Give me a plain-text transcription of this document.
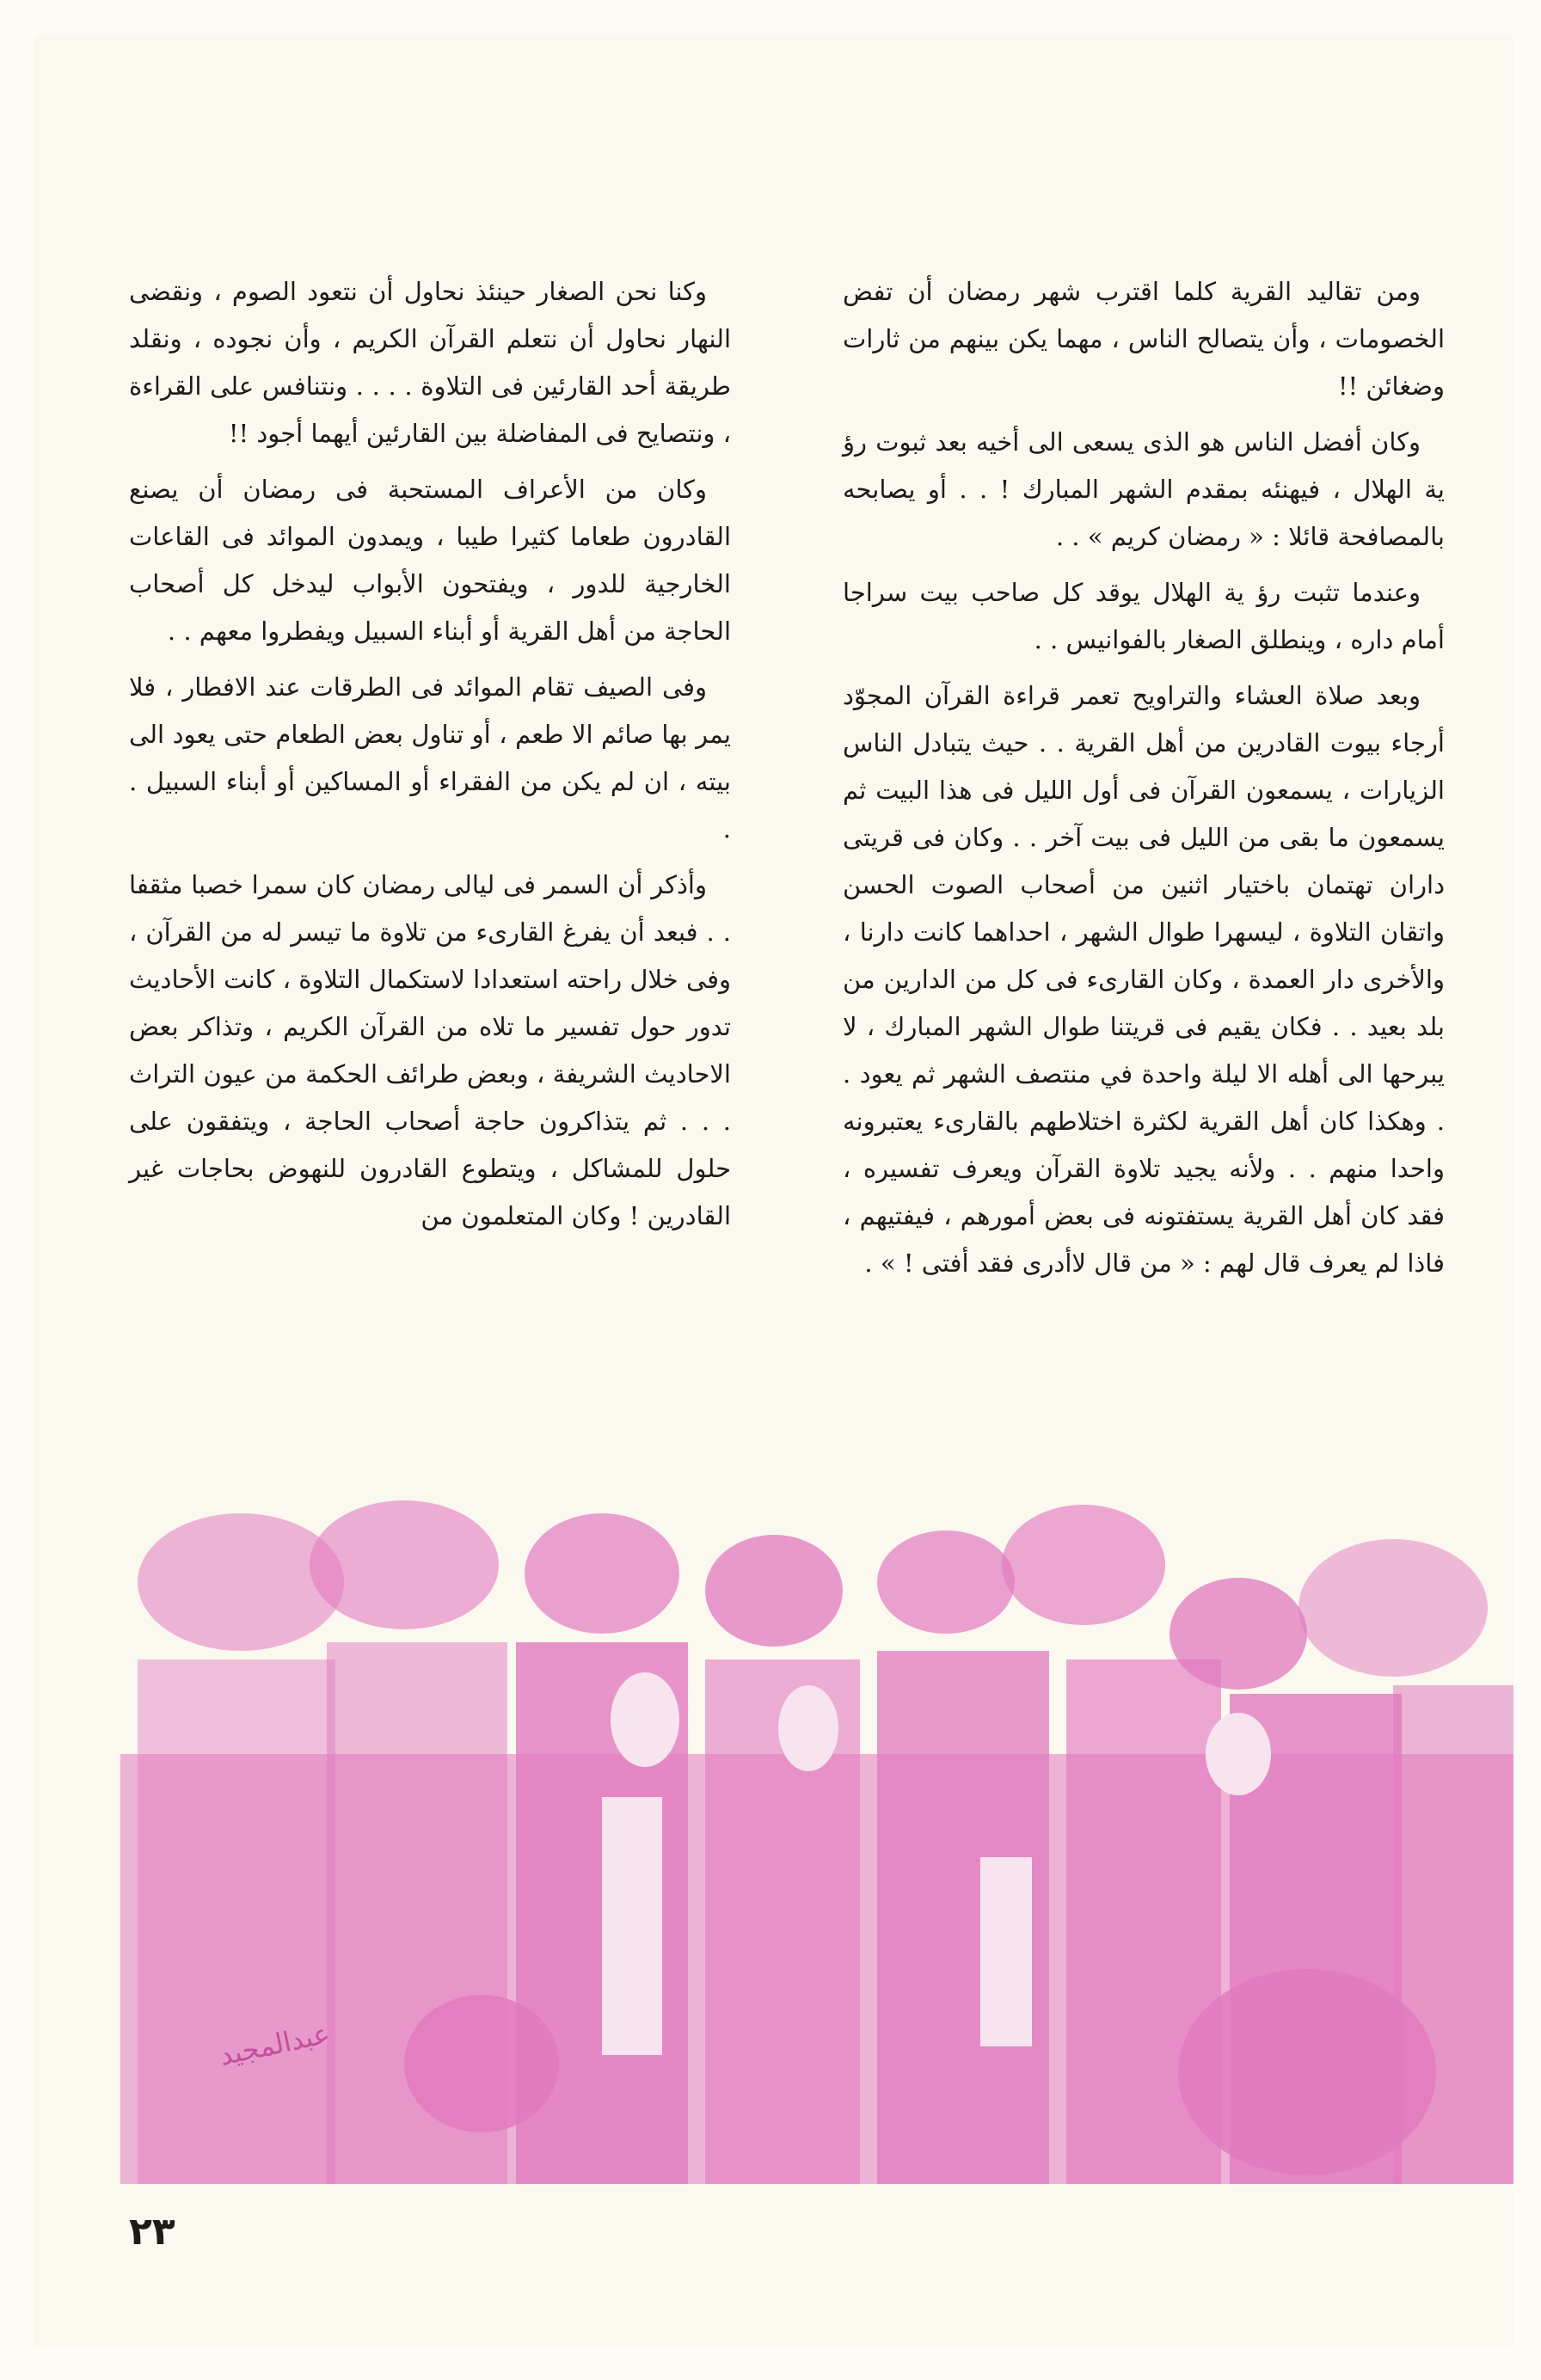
ومن تقاليد القرية كلما اقترب شهر رمضان أن تفض الخصومات ، وأن يتصالح الناس ، مهما يكن بينهم من ثارات وضغائن !!

وكان أفضل الناس هو الذى يسعى الى أخيه بعد ثبوت رؤ ية الهلال ، فيهنئه بمقدم الشهر المبارك ! . . أو يصابحه بالمصافحة قائلا : « رمضان كريم » . .

وعندما تثبت رؤ ية الهلال يوقد كل صاحب بيت سراجا أمام داره ، وينطلق الصغار بالفوانيس . .

وبعد صلاة العشاء والتراويح تعمر قراءة القرآن المجوّد أرجاء بيوت القادرين من أهل القرية . . حيث يتبادل الناس الزيارات ، يسمعون القرآن فى أول الليل فى هذا البيت ثم يسمعون ما بقى من الليل فى بيت آخر . . وكان فى قريتى داران تهتمان باختيار اثنين من أصحاب الصوت الحسن واتقان التلاوة ، ليسهرا طوال الشهر ، احداهما كانت دارنا ، والأخرى دار العمدة ، وكان القارىء فى كل من الدارين من بلد بعيد . . فكان يقيم فى قريتنا طوال الشهر المبارك ، لا يبرحها الى أهله الا ليلة واحدة في منتصف الشهر ثم يعود . . وهكذا كان أهل القرية لكثرة اختلاطهم بالقارىء يعتبرونه واحدا منهم . . ولأنه يجيد تلاوة القرآن ويعرف تفسيره ، فقد كان أهل القرية يستفتونه فى بعض أمورهم ، فيفتيهم ، فاذا لم يعرف قال لهم : « من قال لاأدرى فقد أفتى ! » .

وكنا نحن الصغار حينئذ نحاول أن نتعود الصوم ، ونقضى النهار نحاول أن نتعلم القرآن الكريم ، وأن نجوده ، ونقلد طريقة أحد القارئين فى التلاوة . . . . ونتنافس على القراءة ، ونتصايح فى المفاضلة بين القارئين أيهما أجود !!

وكان من الأعراف المستحبة فى رمضان أن يصنع القادرون طعاما كثيرا طيبا ، ويمدون الموائد فى القاعات الخارجية للدور ، ويفتحون الأبواب ليدخل كل أصحاب الحاجة من أهل القرية أو أبناء السبيل ويفطروا معهم . .

وفى الصيف تقام الموائد فى الطرقات عند الافطار ، فلا يمر بها صائم الا طعم ، أو تناول بعض الطعام حتى يعود الى بيته ، ان لم يكن من الفقراء أو المساكين أو أبناء السبيل . .

وأذكر أن السمر فى ليالى رمضان كان سمرا خصبا مثقفا . . فبعد أن يفرغ القارىء من تلاوة ما تيسر له من القرآن ، وفى خلال راحته استعدادا لاستكمال التلاوة ، كانت الأحاديث تدور حول تفسير ما تلاه من القرآن الكريم ، وتذاكر بعض الاحاديث الشريفة ، وبعض طرائف الحكمة من عيون التراث . . . ثم يتذاكرون حاجة أصحاب الحاجة ، ويتفقون على حلول للمشاكل ، ويتطوع القادرون للنهوض بحاجات غير القادرين ! وكان المتعلمون من

عبدالمجيد
٢٣
